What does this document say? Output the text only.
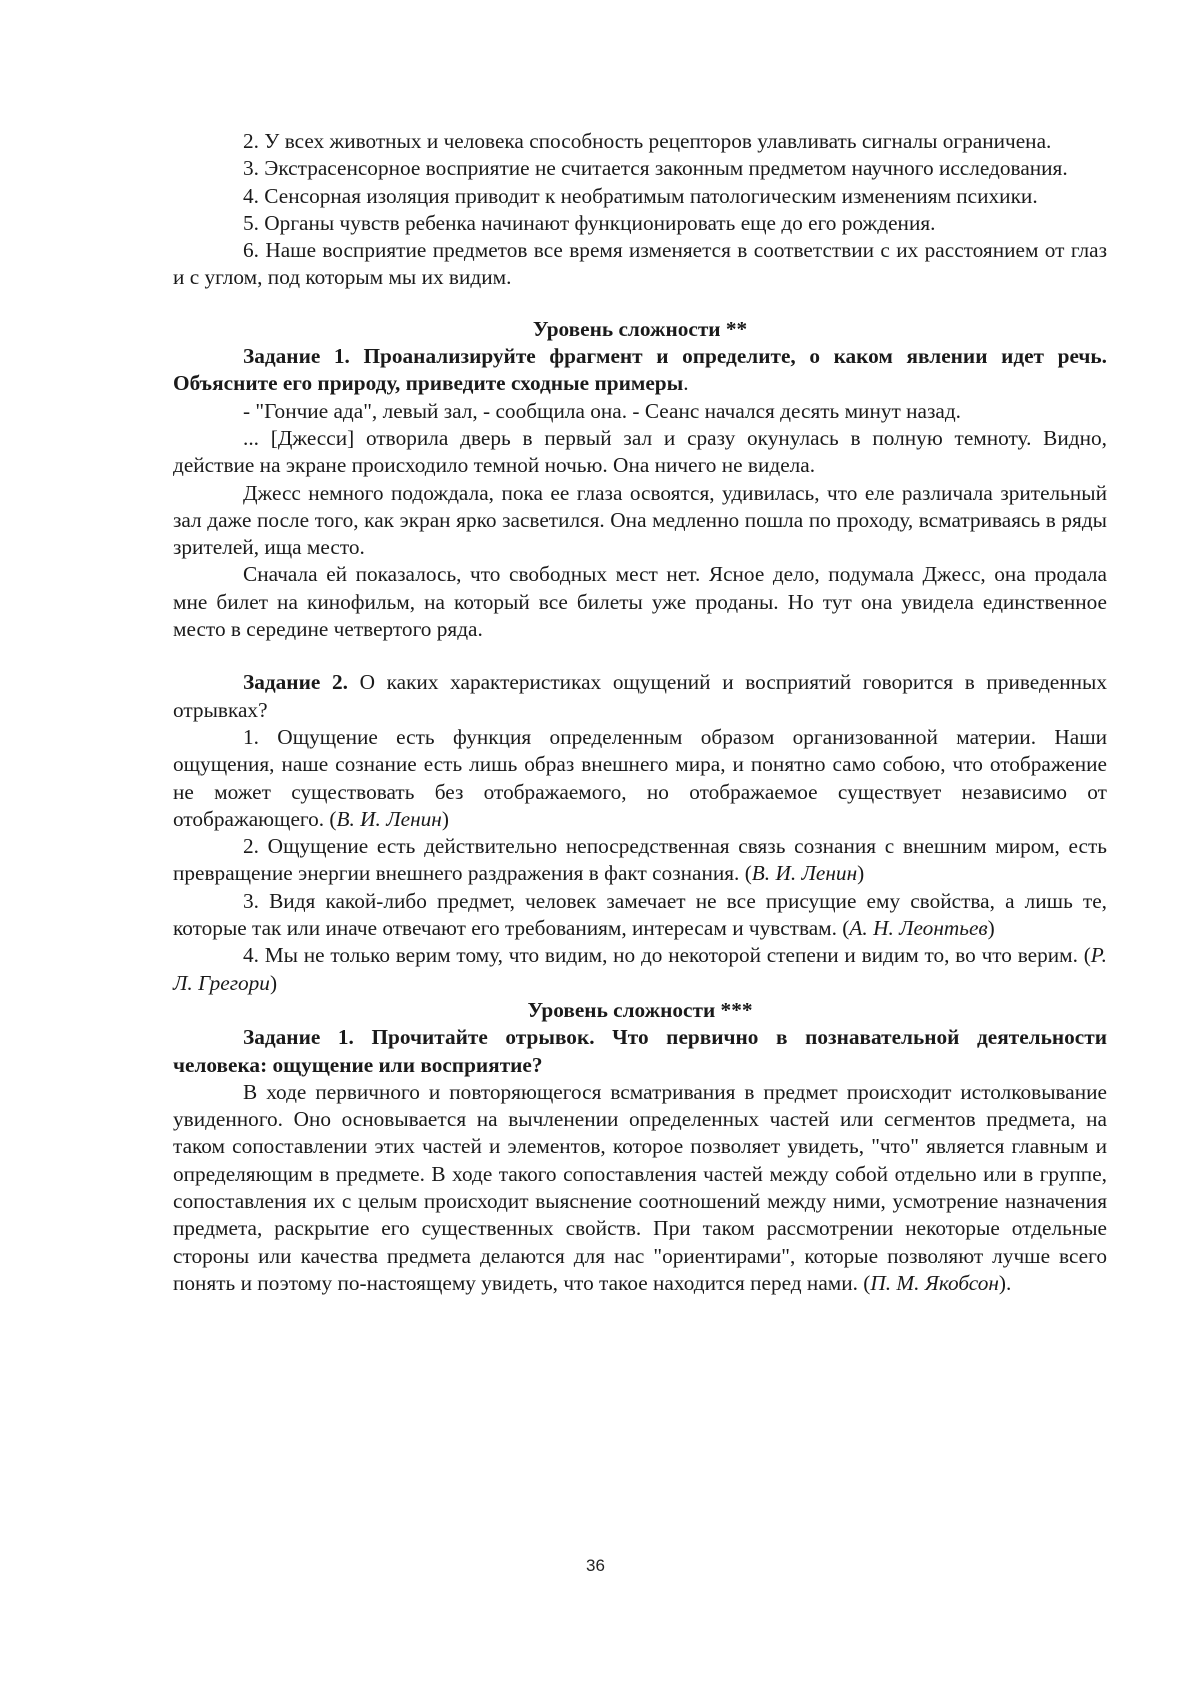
2. У всех животных и человека способность рецепторов улавливать сигналы ограничена.

3. Экстрасенсорное восприятие не считается законным предметом научного исследования.

4. Сенсорная изоляция приводит к необратимым патологическим изменениям психики.

5. Органы чувств ребенка начинают функционировать еще до его рождения.

6. Наше восприятие предметов все время изменяется в соответствии с их расстоянием от глаз и с углом, под которым мы их видим.

Уровень сложности **

Задание 1. Проанализируйте фрагмент и определите, о каком явлении идет речь. Объясните его природу, приведите сходные примеры.

- "Гончие ада", левый зал, - сообщила она. - Сеанс начался десять минут назад.

... [Джесси] отворила дверь в первый зал и сразу окунулась в полную темноту. Видно, действие на экране происходило темной ночью. Она ничего не видела.

Джесс немного подождала, пока ее глаза освоятся, удивилась, что еле различала зрительный зал даже после того, как экран ярко засветился. Она медленно пошла по проходу, всматриваясь в ряды зрителей, ища место.

Сначала ей показалось, что свободных мест нет. Ясное дело, подумала Джесс, она продала мне билет на кинофильм, на который все билеты уже проданы. Но тут она увидела единственное место в середине четвертого ряда.

Задание 2. О каких характеристиках ощущений и восприятий говорится в приведенных отрывках?

1. Ощущение есть функция определенным образом организованной материи. Наши ощущения, наше сознание есть лишь образ внешнего мира, и понятно само собою, что отображение не может существовать без отображаемого, но отображаемое существует независимо от отображающего. (В. И. Ленин)

2. Ощущение есть действительно непосредственная связь сознания с внешним миром, есть превращение энергии внешнего раздражения в факт сознания. (В. И. Ленин)

3. Видя какой-либо предмет, человек замечает не все присущие ему свойства, а лишь те, которые так или иначе отвечают его требованиям, интересам и чувствам. (А. Н. Леонтьев)

4. Мы не только верим тому, что видим, но до некоторой степени и видим то, во что верим. (Р. Л. Грегори)

Уровень сложности ***

Задание 1. Прочитайте отрывок. Что первично в познавательной деятельности человека: ощущение или восприятие?

В ходе первичного и повторяющегося всматривания в предмет происходит истолковывание увиденного. Оно основывается на вычленении определенных частей или сегментов предмета, на таком сопоставлении этих частей и элементов, которое позволяет увидеть, "что" является главным и определяющим в предмете. В ходе такого сопоставления частей между собой отдельно или в группе, сопоставления их с целым происходит выяснение соотношений между ними, усмотрение назначения предмета, раскрытие его существенных свойств. При таком рассмотрении некоторые отдельные стороны или качества предмета делаются для нас "ориентирами", которые позволяют лучше всего понять и поэтому по-настоящему увидеть, что такое находится перед нами. (П. М. Якобсон).

36
